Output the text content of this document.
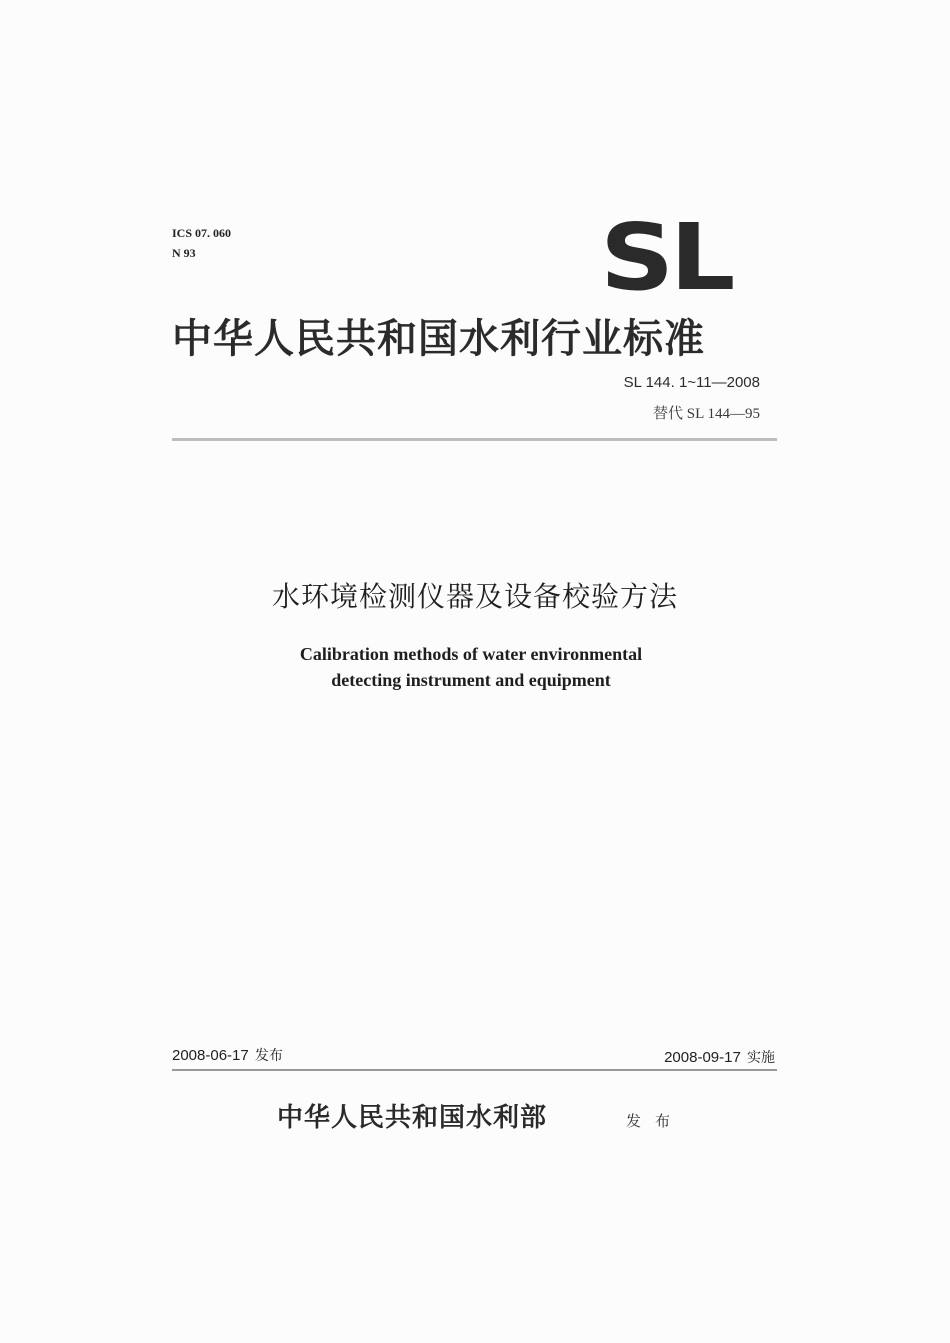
ICS 07. 060
N 93	SL
中华人民共和国水利行业标准
SL 144. 1~11—2008
替代 SL 144—95
水环境检测仪器及设备校验方法
Calibration methods of water environmental
detecting instrument and equipment
2008-06-17 发布	2008-09-17 实施
中华人民共和国水利部	发布
